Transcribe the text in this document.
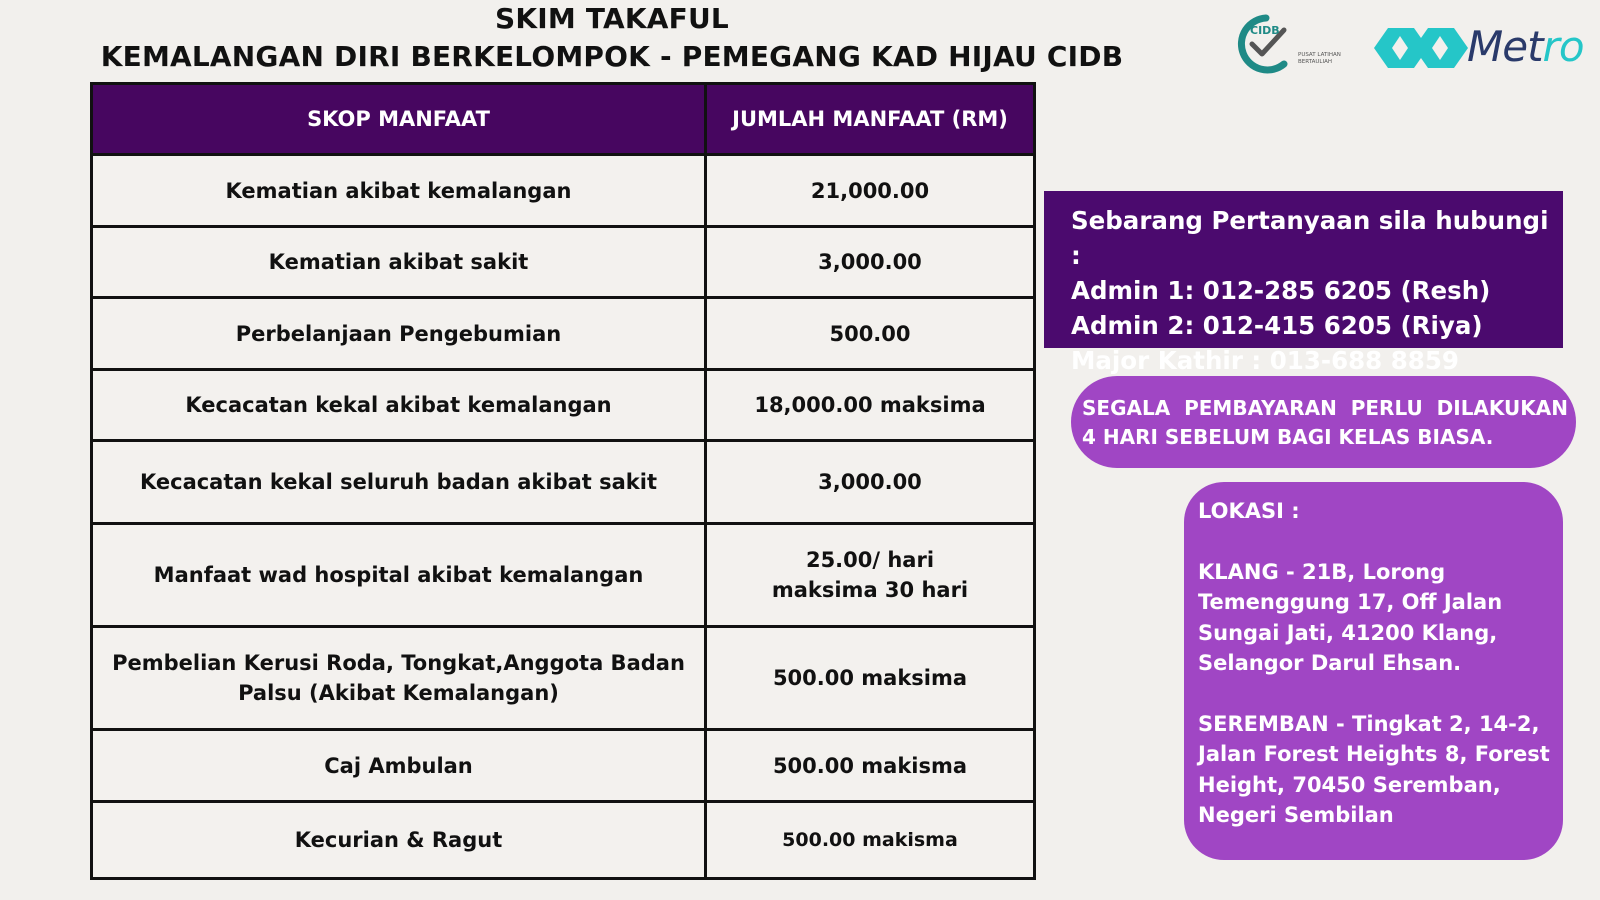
SKIM TAKAFUL
KEMALANGAN DIRI BERKELOMPOK - PEMEGANG KAD HIJAU CIDB
CIDB
PUSAT LATIHAN
BERTAULIAH	Metro
SKOP MANFAAT	JUMLAH MANFAAT (RM)
Kematian akibat kemalangan	21,000.00
Kematian akibat sakit	3,000.00
Perbelanjaan Pengebumian	500.00
Kecacatan kekal akibat kemalangan	18,000.00 maksima
Kecacatan kekal seluruh badan akibat sakit	3,000.00
Manfaat wad hospital akibat kemalangan	25.00/ hari
maksima 30 hari
Pembelian Kerusi Roda, Tongkat,Anggota Badan Palsu (Akibat Kemalangan)	500.00 maksima
Caj Ambulan	500.00 makisma
Kecurian & Ragut	500.00 makisma
Sebarang Pertanyaan sila hubungi :
Admin 1: 012-285 6205 (Resh)
Admin 2: 012-415 6205 (Riya)
Major Kathir : 013-688 8859
SEGALA  PEMBAYARAN  PERLU  DILAKUKAN
4 HARI SEBELUM BAGI KELAS BIASA.

LOKASI :

KLANG - 21B, Lorong Temenggung 17, Off Jalan Sungai Jati, 41200 Klang, Selangor Darul Ehsan.

SEREMBAN - Tingkat 2, 14-2, Jalan Forest Heights 8, Forest Height, 70450 Seremban, Negeri Sembilan
